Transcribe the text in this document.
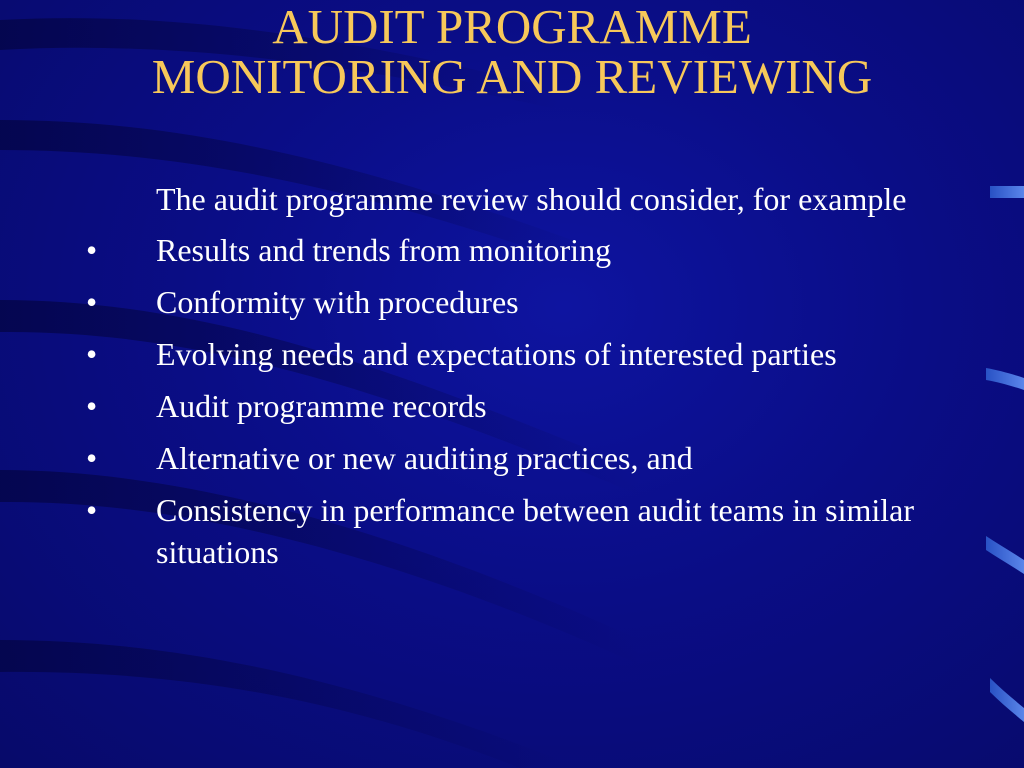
AUDIT PROGRAMME
MONITORING AND REVIEWING
The audit programme review should consider, for example
•	Results and trends from monitoring
•	Conformity with procedures
•	Evolving needs and expectations of interested parties
•	Audit programme records
•	Alternative or new auditing practices, and
•	Consistency in performance between audit teams in similar situations
